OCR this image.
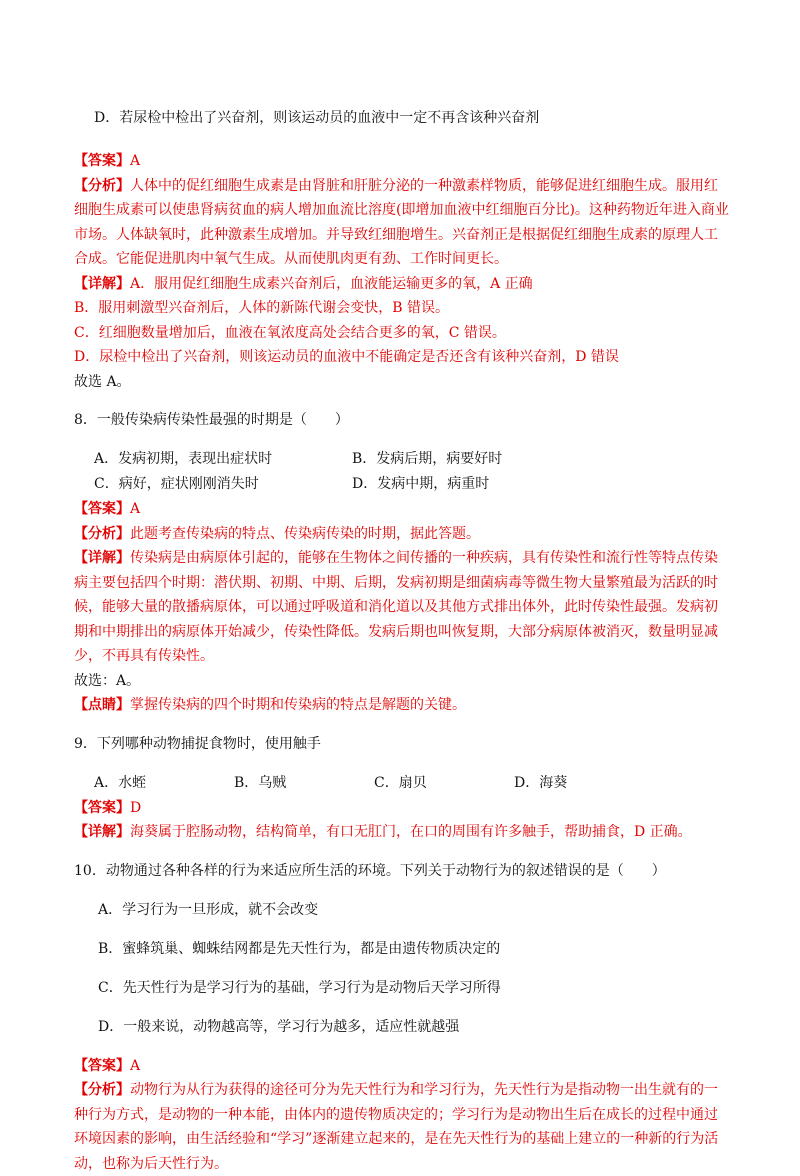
D．若尿检中检出了兴奋剂，则该运动员的血液中一定不再含该种兴奋剂

【答案】A

【分析】人体中的促红细胞生成素是由肾脏和肝脏分泌的一种激素样物质，能够促进红细胞生成。服用红细胞生成素可以使患肾病贫血的病人增加血流比溶度(即增加血液中红细胞百分比)。这种药物近年进入商业市场。人体缺氧时，此种激素生成增加。并导致红细胞增生。兴奋剂正是根据促红细胞生成素的原理人工合成。它能促进肌肉中氧气生成。从而使肌肉更有劲、工作时间更长。

【详解】A．服用促红细胞生成素兴奋剂后，血液能运输更多的氧，A 正确

B．服用刺激型兴奋剂后，人体的新陈代谢会变快，B 错误。

C．红细胞数量增加后，血液在氧浓度高处会结合更多的氧，C 错误。

D．尿检中检出了兴奋剂，则该运动员的血液中不能确定是否还含有该种兴奋剂，D 错误

故选 A。

8．一般传染病传染性最强的时期是（　　）

A．发病初期，表现出症状时	B．发病后期，病要好时
C．病好，症状刚刚消失时	D．发病中期，病重时

【答案】A

【分析】此题考查传染病的特点、传染病传染的时期，据此答题。

【详解】传染病是由病原体引起的，能够在生物体之间传播的一种疾病，具有传染性和流行性等特点传染病主要包括四个时期：潜伏期、初期、中期、后期，发病初期是细菌病毒等微生物大量繁殖最为活跃的时候，能够大量的散播病原体，可以通过呼吸道和消化道以及其他方式排出体外，此时传染性最强。发病初期和中期排出的病原体开始减少，传染性降低。发病后期也叫恢复期，大部分病原体被消灭，数量明显减少，不再具有传染性。

故选：A。

【点睛】掌握传染病的四个时期和传染病的特点是解题的关键。

9．下列哪种动物捕捉食物时，使用触手

A．水蛭	B．乌贼	C．扇贝	D．海葵

【答案】D

【详解】海葵属于腔肠动物，结构简单，有口无肛门，在口的周围有许多触手，帮助捕食，D 正确。

10．动物通过各种各样的行为来适应所生活的环境。下列关于动物行为的叙述错误的是（　　）

A．学习行为一旦形成，就不会改变

B．蜜蜂筑巢、蜘蛛结网都是先天性行为，都是由遗传物质决定的

C．先天性行为是学习行为的基础，学习行为是动物后天学习所得

D．一般来说，动物越高等，学习行为越多，适应性就越强

【答案】A

【分析】动物行为从行为获得的途径可分为先天性行为和学习行为，先天性行为是指动物一出生就有的一种行为方式，是动物的一种本能，由体内的遗传物质决定的；学习行为是动物出生后在成长的过程中通过环境因素的影响，由生活经验和“学习”逐渐建立起来的，是在先天性行为的基础上建立的一种新的行为活动，也称为后天性行为。
